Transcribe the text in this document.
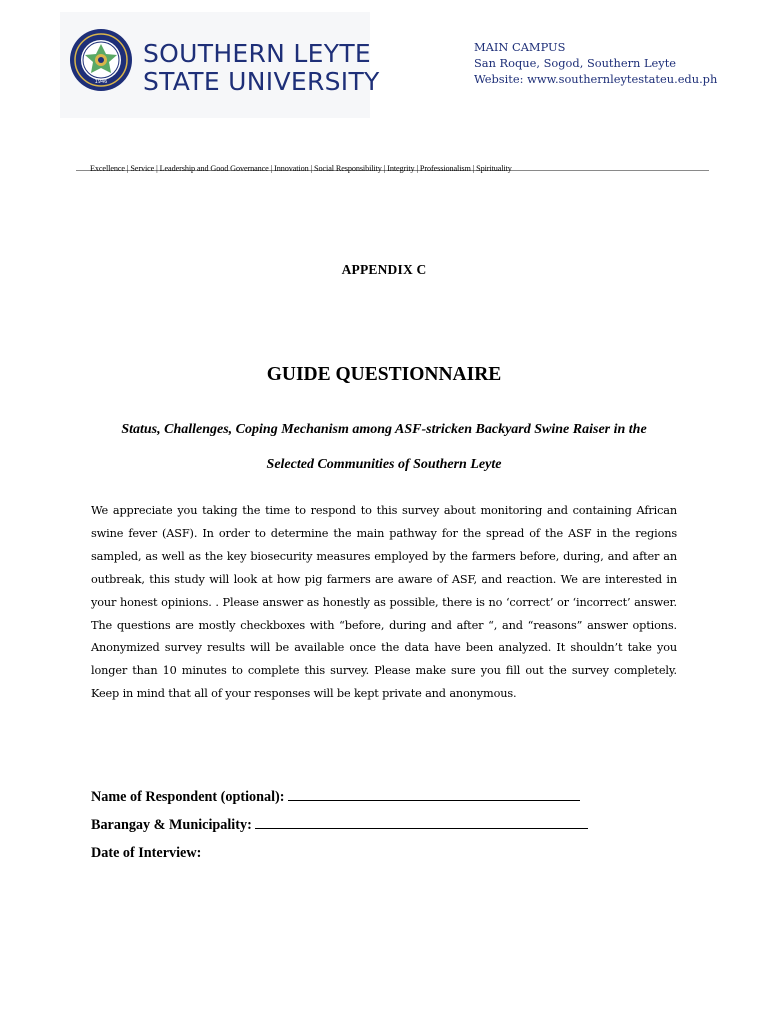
1946
SOUTHERN LEYTE
STATE UNIVERSITY
MAIN CAMPUS
San Roque, Sogod, Southern Leyte
Website: www.southernleytestateu.edu.ph
Excellence | Service | Leadership and Good Governance | Innovation | Social Responsibility | Integrity | Professionalism | Spirituality
APPENDIX C
GUIDE QUESTIONNAIRE
Status, Challenges, Coping Mechanism among ASF-stricken Backyard Swine Raiser in the
Selected Communities of Southern Leyte
We appreciate you taking the time to respond to this survey about monitoring and containing African swine fever (ASF). In order to determine the main pathway for the spread of the ASF in the regions sampled, as well as the key biosecurity measures employed by the farmers before, during, and after an outbreak, this study will look at how pig farmers are aware of ASF, and reaction. We are interested in your honest opinions. . Please answer as honestly as possible, there is no ‘correct’ or ‘incorrect’ answer. The questions are mostly checkboxes with “before, during and after “, and “reasons” answer options. Anonymized survey results will be available once the data have been analyzed. It shouldn’t take you longer than 10 minutes to complete this survey. Please make sure you fill out the survey completely. Keep in mind that all of your responses will be kept private and anonymous.
Name of Respondent (optional):
Barangay & Municipality:
Date of Interview:
